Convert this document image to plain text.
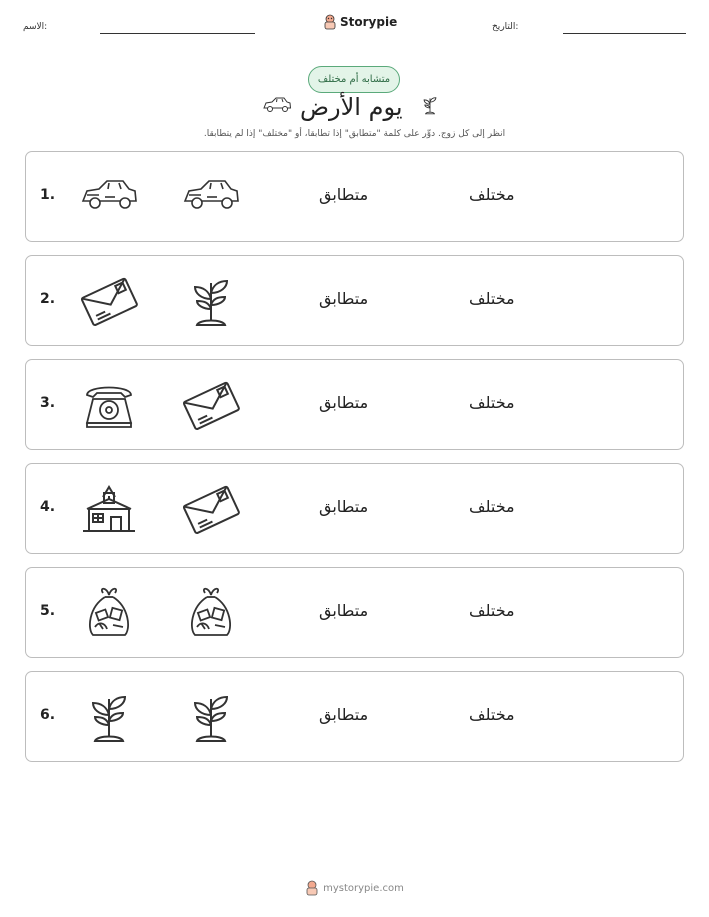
الاسم:	Storypie	التاريخ:
متشابه أم مختلف
يوم الأرض
انظر إلى كل زوج. دوِّر على كلمة "متطابق" إذا تطابقا، أو "مختلف" إذا لم يتطابقا.
1.	متطابق	مختلف
2.	متطابق	مختلف
3.	متطابق	مختلف
4.	متطابق	مختلف
5.	متطابق	مختلف
6.	متطابق	مختلف
mystorypie.com
